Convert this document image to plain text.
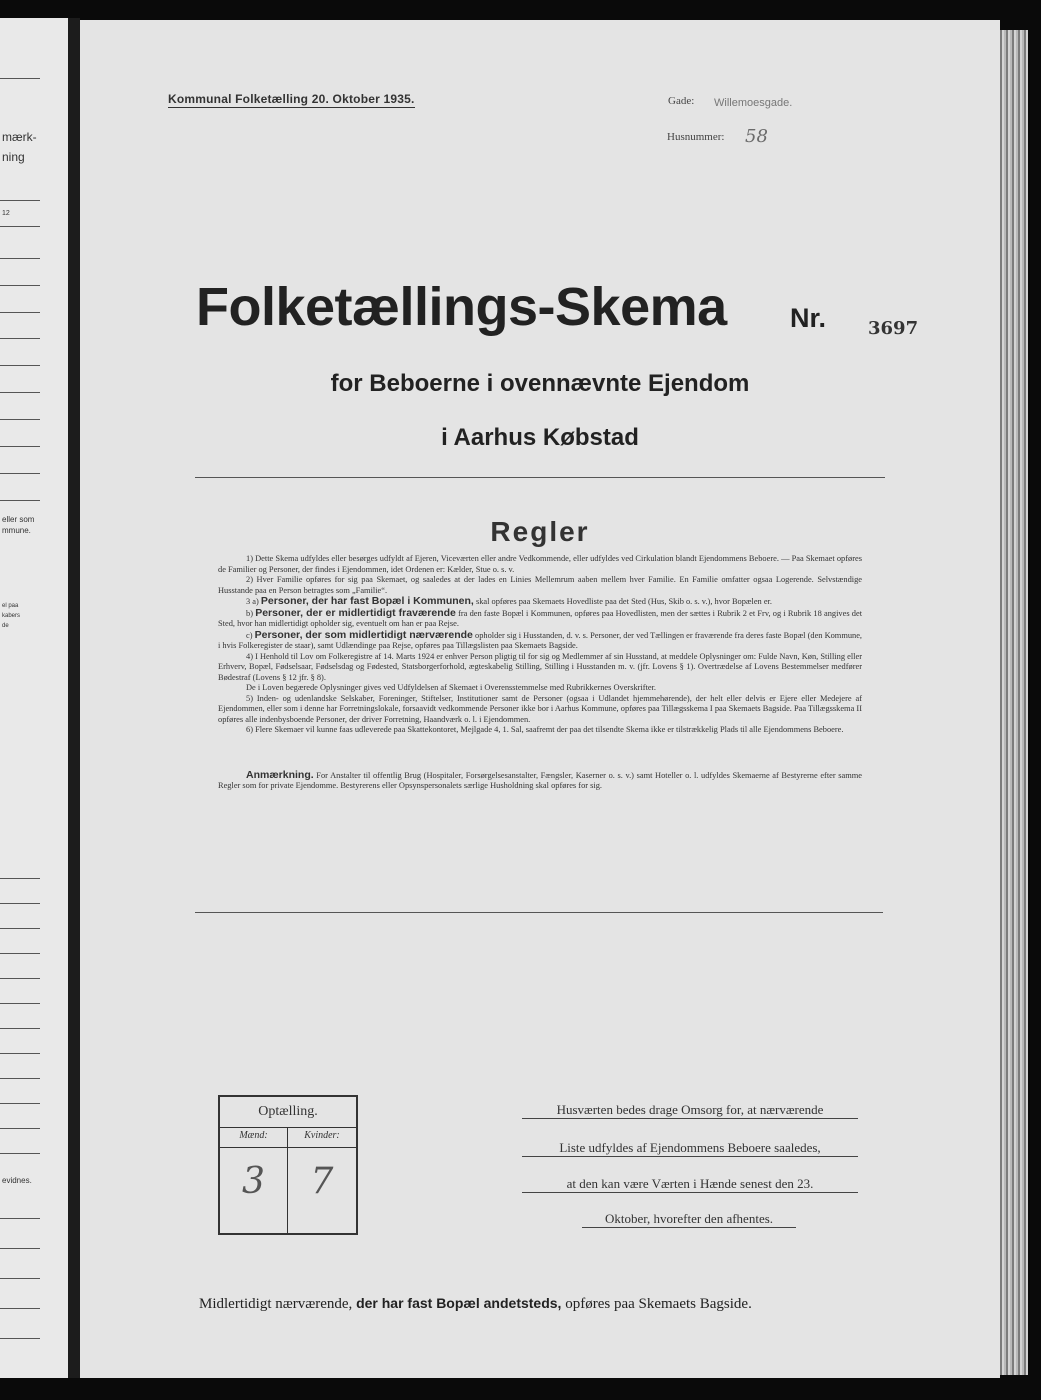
mærk-
ning
12
eller som
mmune.
el paa
kabers
de
evidnes.
Kommunal Folketælling 20. Oktober 1935.	Gade: Willemoesgade.
Husnummer: 58
Folketællings-Skema Nr. 3697
for Beboerne i ovennævnte Ejendom
i Aarhus Købstad
Regler

1) Dette Skema udfyldes eller besørges udfyldt af Ejeren, Viceværten eller andre Vedkommende, eller udfyldes ved Cirkulation blandt Ejendommens Beboere. — Paa Skemaet opføres de Familier og Personer, der findes i Ejendommen, idet Ordenen er: Kælder, Stue o. s. v.

2) Hver Familie opføres for sig paa Skemaet, og saaledes at der lades en Linies Mellemrum aaben mellem hver Familie. En Familie omfatter ogsaa Logerende. Selvstændige Husstande paa en Person betragtes som „Familie“.

3 a) Personer, der har fast Bopæl i Kommunen, skal opføres paa Skemaets Hovedliste paa det Sted (Hus, Skib o. s. v.), hvor Bopælen er.

b) Personer, der er midlertidigt fraværende fra den faste Bopæl i Kommunen, opføres paa Hovedlisten, men der sættes i Rubrik 2 et Frv, og i Rubrik 18 angives det Sted, hvor han midlertidigt opholder sig, eventuelt om han er paa Rejse.

c) Personer, der som midlertidigt nærværende opholder sig i Husstanden, d. v. s. Personer, der ved Tællingen er fraværende fra deres faste Bopæl (den Kommune, i hvis Folkeregister de staar), samt Udlændinge paa Rejse, opføres paa Tillægslisten paa Skemaets Bagside.

4) I Henhold til Lov om Folkeregistre af 14. Marts 1924 er enhver Person pligtig til for sig og Medlemmer af sin Husstand, at meddele Oplysninger om: Fulde Navn, Køn, Stilling eller Erhverv, Bopæl, Fødselsaar, Fødselsdag og Fødested, Statsborgerforhold, ægteskabelig Stilling, Stilling i Husstanden m. v. (jfr. Lovens § 1). Overtrædelse af Lovens Bestemmelser medfører Bødestraf (Lovens § 12 jfr. § 8).

De i Loven begærede Oplysninger gives ved Udfyldelsen af Skemaet i Overensstemmelse med Rubrikkernes Overskrifter.

5) Inden- og udenlandske Selskaber, Foreninger, Stiftelser, Institutioner samt de Personer (ogsaa i Udlandet hjemmehørende), der helt eller delvis er Ejere eller Medejere af Ejendommen, eller som i denne har Forretningslokale, forsaavidt vedkommende Personer ikke bor i Aarhus Kommune, opføres paa Tillægsskema I paa Skemaets Bagside. Paa Tillægsskema II opføres alle indenbysboende Personer, der driver Forretning, Haandværk o. l. i Ejendommen.

6) Flere Skemaer vil kunne faas udleverede paa Skattekontoret, Mejlgade 4, 1. Sal, saafremt der paa det tilsendte Skema ikke er tilstrækkelig Plads til alle Ejendommens Beboere.

Anmærkning. For Anstalter til offentlig Brug (Hospitaler, Forsørgelsesanstalter, Fængsler, Kaserner o. s. v.) samt Hoteller o. l. udfyldes Skemaerne af Bestyrerne efter samme Regler som for private Ejendomme. Bestyrerens eller Opsynspersonalets særlige Husholdning skal opføres for sig.

Optælling.
Mænd:	Kvinder:
3	7
Husværten bedes drage Omsorg for, at nærværende
Liste udfyldes af Ejendommens Beboere saaledes,
at den kan være Værten i Hænde senest den 23.
Oktober, hvorefter den afhentes.
Midlertidigt nærværende, der har fast Bopæl andetsteds, opføres paa Skemaets Bagside.
